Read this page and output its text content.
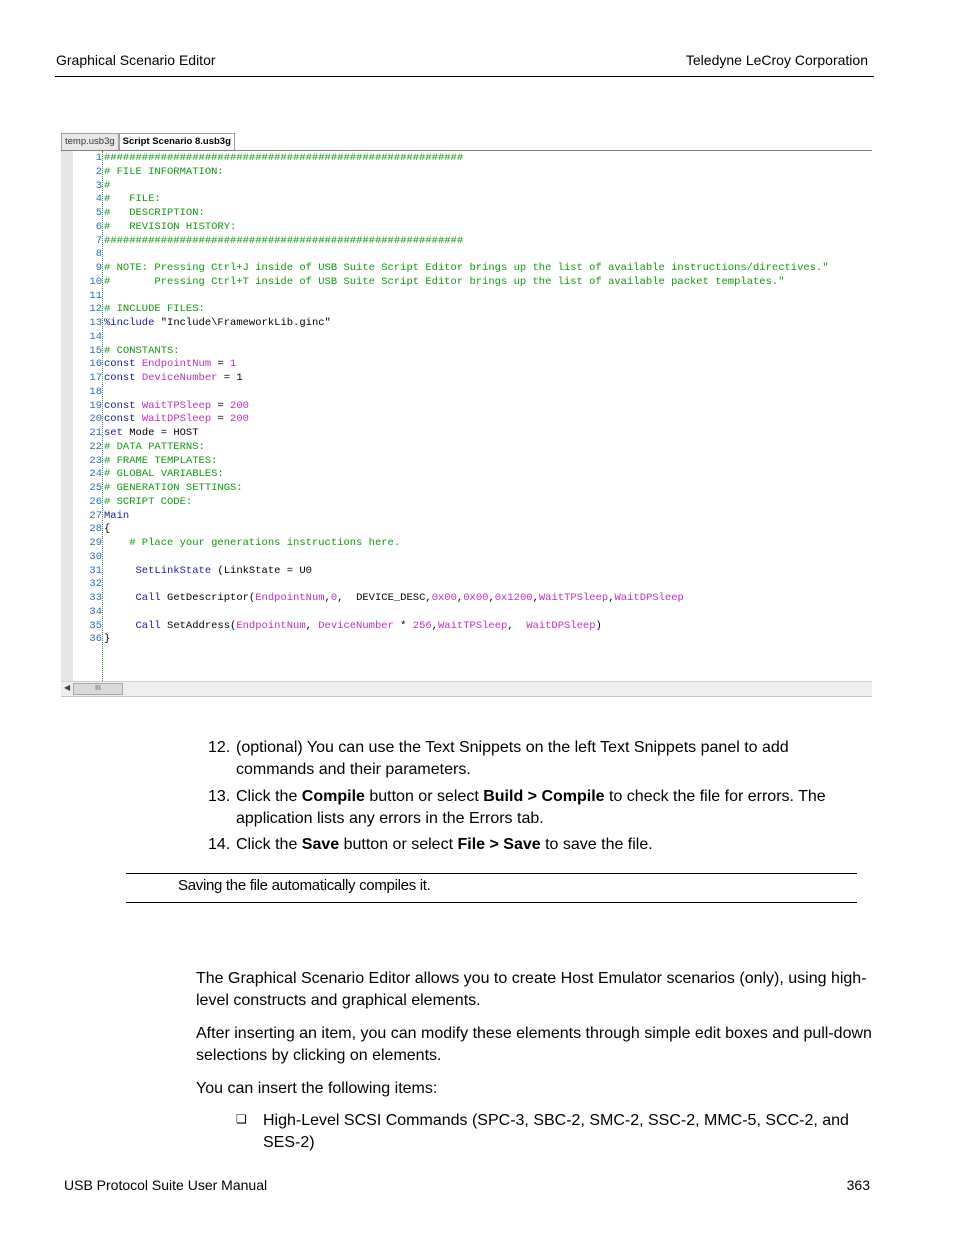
Graphical Scenario Editor	Teledyne LeCroy Corporation
temp.usb3g Script Scenario 8.usb3g
1
2
3
4
5
6
7
8
9
10
11
12
13
14
15
16
17
18
19
20
21
22
23
24
25
26
27
28
29
30
31
32
33
34
35
36
#########################################################
# FILE INFORMATION:
#
#   FILE:
#   DESCRIPTION:
#   REVISION HISTORY:
#########################################################
# NOTE: Pressing Ctrl+J inside of USB Suite Script Editor brings up the list of available instructions/directives."
#       Pressing Ctrl+T inside of USB Suite Script Editor brings up the list of available packet templates."
# INCLUDE FILES:
%include "Include\FrameworkLib.ginc"
# CONSTANTS:
const EndpointNum = 1
const DeviceNumber = 1
const WaitTPSleep = 200
const WaitDPSleep = 200
set Mode = HOST
# DATA PATTERNS:
# FRAME TEMPLATES:
# GLOBAL VARIABLES:
# GENERATION SETTINGS:
# SCRIPT CODE:
Main
{
# Place your generations instructions here.
SetLinkState (LinkState = U0
Call GetDescriptor(EndpointNum,0,  DEVICE_DESC,0x00,0x00,0x1200,WaitTPSleep,WaitDPSleep
Call SetAddress(EndpointNum, DeviceNumber * 256,WaitTPSleep,  WaitDPSleep)
}
◀	III
12. (optional) You can use the Text Snippets on the left Text Snippets panel to add commands and their parameters.
13. Click the Compile button or select Build > Compile to check the file for errors. The application lists any errors in the Errors tab.
14. Click the Save button or select File > Save to save the file.
Saving the file automatically compiles it.
The Graphical Scenario Editor allows you to create Host Emulator scenarios (only), using high-level constructs and graphical elements.
After inserting an item, you can modify these elements through simple edit boxes and pull-down selections by clicking on elements.
You can insert the following items:
❏ High-Level SCSI Commands (SPC-3, SBC-2, SMC-2, SSC-2, MMC-5, SCC-2, and SES-2)
USB Protocol Suite User Manual	363
